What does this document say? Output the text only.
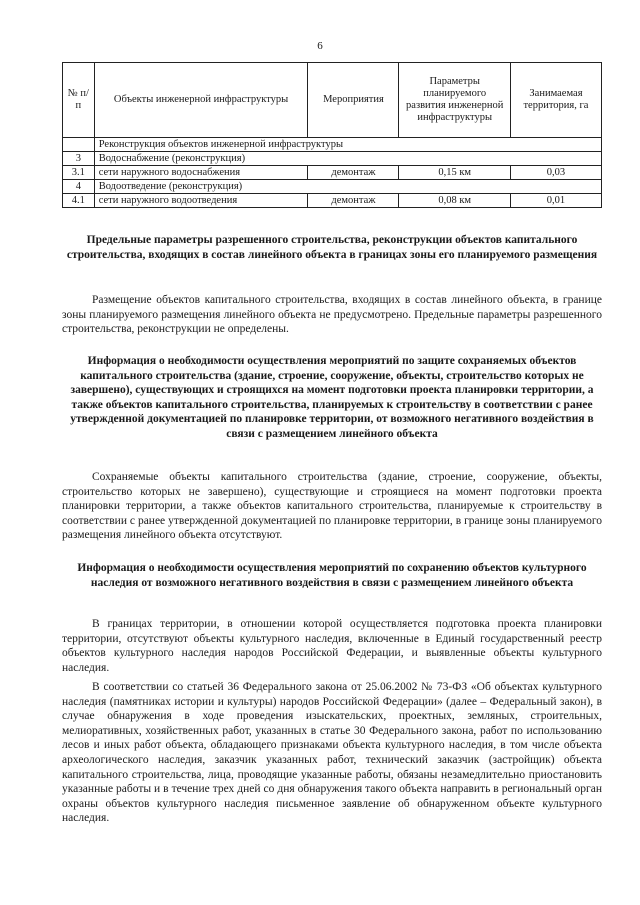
6
№ п/п	Объекты инженерной инфраструктуры	Мероприятия	Параметры планируемого развития инженерной инфраструктуры	Занимаемая территория, га
	Реконструкция объектов инженерной инфраструктуры			
3	Водоснабжение (реконструкция)			
3.1	сети наружного водоснабжения	демонтаж	0,15 км	0,03
4	Водоотведение (реконструкция)			
4.1	сети наружного водоотведения	демонтаж	0,08 км	0,01
Предельные параметры разрешенного строительства, реконструкции объектов капитального строительства, входящих в состав линейного объекта в границах зоны его планируемого размещения

Размещение объектов капитального строительства, входящих в состав линейного объекта, в границе зоны планируемого размещения линейного объекта не предусмотрено. Предельные параметры разрешенного строительства, реконструкции не определены.

Информация о необходимости осуществления мероприятий по защите сохраняемых объектов капитального строительства (здание, строение, сооружение, объекты, строительство которых не завершено), существующих и строящихся на момент подготовки проекта планировки территории, а также объектов капитального строительства, планируемых к строительству в соответствии с ранее утвержденной документацией по планировке территории, от возможного негативного воздействия в связи с размещением линейного объекта

Сохраняемые объекты капитального строительства (здание, строение, сооружение, объекты, строительство которых не завершено), существующие и строящиеся на момент подготовки проекта планировки территории, а также объектов капитального строительства, планируемые к строительству в соответствии с ранее утвержденной документацией по планировке территории, в границе зоны планируемого размещения линейного объекта отсутствуют.

Информация о необходимости осуществления мероприятий по сохранению объектов культурного наследия от возможного негативного воздействия в связи с размещением линейного объекта

В границах территории, в отношении которой осуществляется подготовка проекта планировки территории, отсутствуют объекты культурного наследия, включенные в Единый государственный реестр объектов культурного наследия народов Российской Федерации, и выявленные объекты культурного наследия.

В соответствии со статьей 36 Федерального закона от 25.06.2002 № 73-ФЗ «Об объектах культурного наследия (памятниках истории и культуры) народов Российской Федерации» (далее – Федеральный закон), в случае обнаружения в ходе проведения изыскательских, проектных, земляных, строительных, мелиоративных, хозяйственных работ, указанных в статье 30 Федерального закона, работ по использованию лесов и иных работ объекта, обладающего признаками объекта культурного наследия, в том числе объекта археологического наследия, заказчик указанных работ, технический заказчик (застройщик) объекта капитального строительства, лица, проводящие указанные работы, обязаны незамедлительно приостановить указанные работы и в течение трех дней со дня обнаружения такого объекта направить в региональный орган охраны объектов культурного наследия письменное заявление об обнаруженном объекте культурного наследия.
